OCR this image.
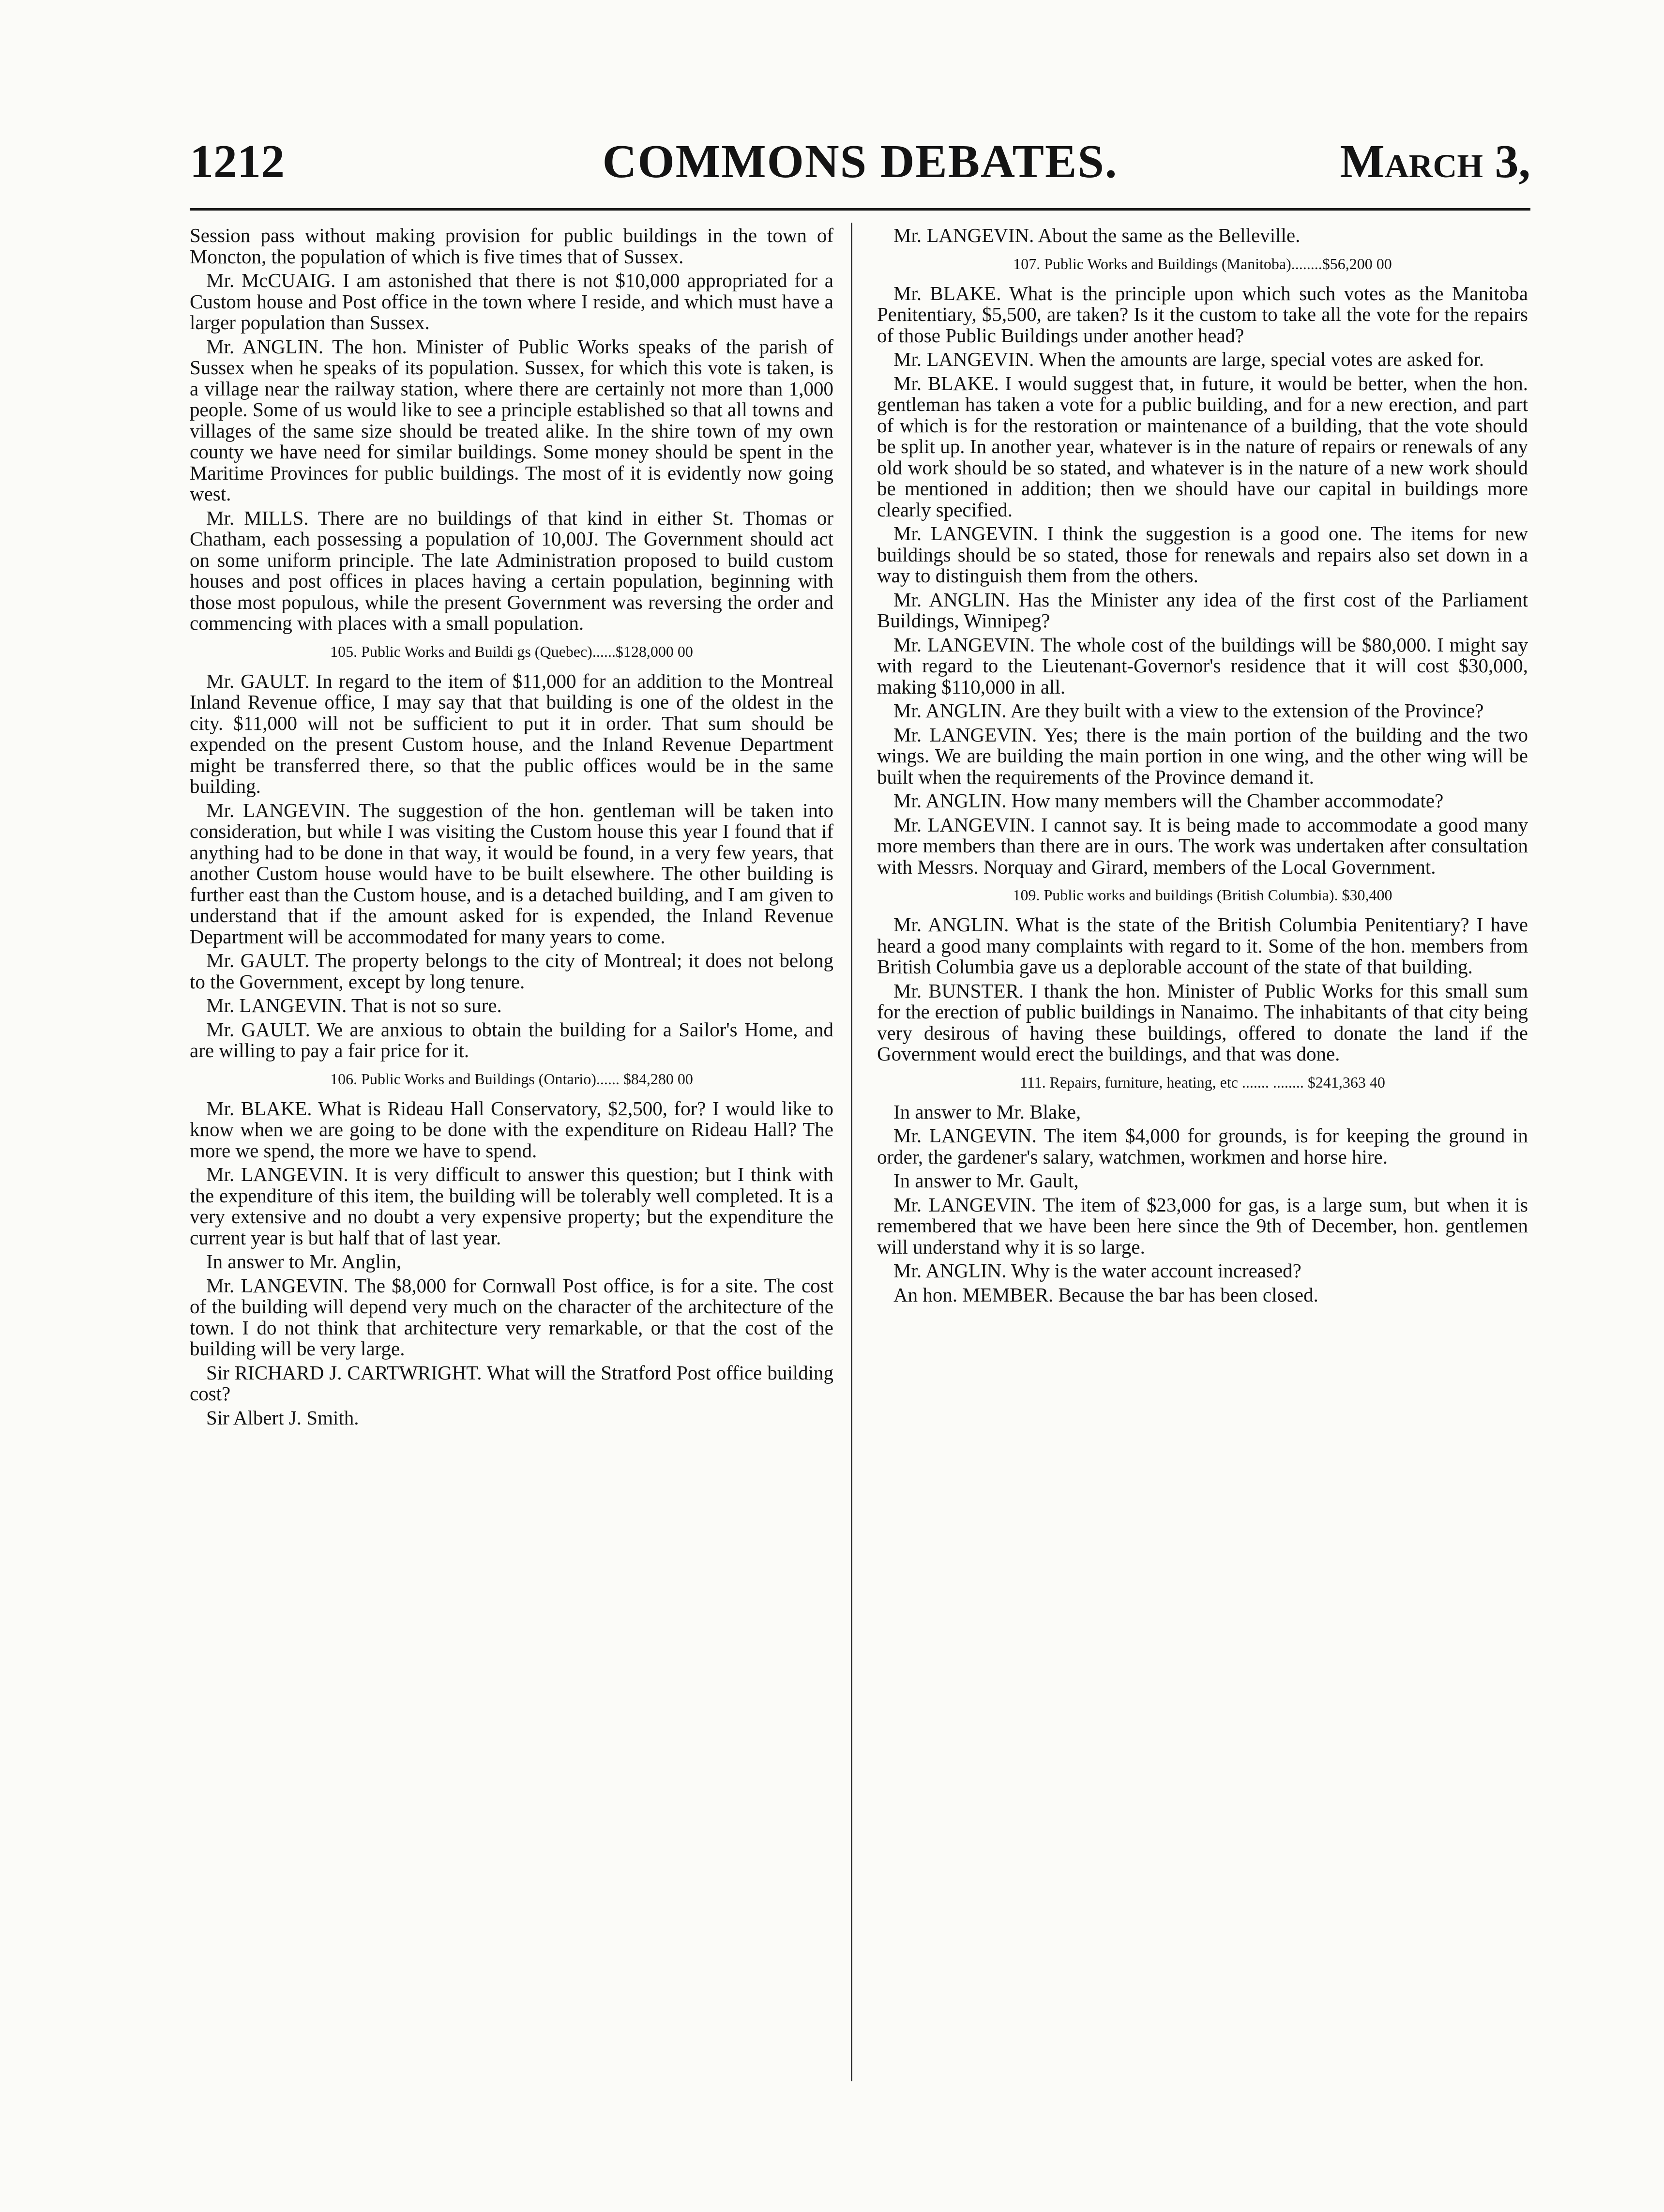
1212	COMMONS DEBATES.	March 3,
Session pass without making provision for public buildings in the town of Moncton, the population of which is five times that of Sussex.
Mr. McCUAIG. I am astonished that there is not $10,000 appropriated for a Custom house and Post office in the town where I reside, and which must have a larger population than Sussex.
Mr. ANGLIN. The hon. Minister of Public Works speaks of the parish of Sussex when he speaks of its population. Sussex, for which this vote is taken, is a village near the railway station, where there are certainly not more than 1,000 people. Some of us would like to see a principle established so that all towns and villages of the same size should be treated alike. In the shire town of my own county we have need for similar buildings. Some money should be spent in the Maritime Provinces for public buildings. The most of it is evidently now going west.
Mr. MILLS. There are no buildings of that kind in either St. Thomas or Chatham, each possessing a population of 10,00J. The Government should act on some uniform principle. The late Administration proposed to build custom houses and post offices in places having a certain population, beginning with those most populous, while the present Government was reversing the order and commencing with places with a small population.
105. Public Works and Buildi gs (Quebec)......$128,000 00
Mr. GAULT. In regard to the item of $11,000 for an addition to the Montreal Inland Revenue office, I may say that that building is one of the oldest in the city. $11,000 will not be sufficient to put it in order. That sum should be expended on the present Custom house, and the Inland Revenue Department might be transferred there, so that the public offices would be in the same building.
Mr. LANGEVIN. The suggestion of the hon. gentleman will be taken into consideration, but while I was visiting the Custom house this year I found that if anything had to be done in that way, it would be found, in a very few years, that another Custom house would have to be built elsewhere. The other building is further east than the Custom house, and is a detached building, and I am given to understand that if the amount asked for is expended, the Inland Revenue Department will be accommodated for many years to come.
Mr. GAULT. The property belongs to the city of Montreal; it does not belong to the Government, except by long tenure.
Mr. LANGEVIN. That is not so sure.
Mr. GAULT. We are anxious to obtain the building for a Sailor's Home, and are willing to pay a fair price for it.
106. Public Works and Buildings (Ontario)...... $84,280 00
Mr. BLAKE. What is Rideau Hall Conservatory, $2,500, for? I would like to know when we are going to be done with the expenditure on Rideau Hall? The more we spend, the more we have to spend.
Mr. LANGEVIN. It is very difficult to answer this question; but I think with the expenditure of this item, the building will be tolerably well completed. It is a very extensive and no doubt a very expensive property; but the expenditure the current year is but half that of last year.
In answer to Mr. Anglin,
Mr. LANGEVIN. The $8,000 for Cornwall Post office, is for a site. The cost of the building will depend very much on the character of the architecture of the town. I do not think that architecture very remarkable, or that the cost of the building will be very large.
Sir RICHARD J. CARTWRIGHT. What will the Stratford Post office building cost?
Sir Albert J. Smith.
Mr. LANGEVIN. About the same as the Belleville.
107. Public Works and Buildings (Manitoba)........$56,200 00
Mr. BLAKE. What is the principle upon which such votes as the Manitoba Penitentiary, $5,500, are taken? Is it the custom to take all the vote for the repairs of those Public Buildings under another head?
Mr. LANGEVIN. When the amounts are large, special votes are asked for.
Mr. BLAKE. I would suggest that, in future, it would be better, when the hon. gentleman has taken a vote for a public building, and for a new erection, and part of which is for the restoration or maintenance of a building, that the vote should be split up. In another year, whatever is in the nature of repairs or renewals of any old work should be so stated, and whatever is in the nature of a new work should be mentioned in addition; then we should have our capital in buildings more clearly specified.
Mr. LANGEVIN. I think the suggestion is a good one. The items for new buildings should be so stated, those for renewals and repairs also set down in a way to distinguish them from the others.
Mr. ANGLIN. Has the Minister any idea of the first cost of the Parliament Buildings, Winnipeg?
Mr. LANGEVIN. The whole cost of the buildings will be $80,000. I might say with regard to the Lieutenant-Governor's residence that it will cost $30,000, making $110,000 in all.
Mr. ANGLIN. Are they built with a view to the extension of the Province?
Mr. LANGEVIN. Yes; there is the main portion of the building and the two wings. We are building the main portion in one wing, and the other wing will be built when the requirements of the Province demand it.
Mr. ANGLIN. How many members will the Chamber accommodate?
Mr. LANGEVIN. I cannot say. It is being made to accommodate a good many more members than there are in ours. The work was undertaken after consultation with Messrs. Norquay and Girard, members of the Local Government.
109. Public works and buildings (British Columbia). $30,400
Mr. ANGLIN. What is the state of the British Columbia Penitentiary? I have heard a good many complaints with regard to it. Some of the hon. members from British Columbia gave us a deplorable account of the state of that building.
Mr. BUNSTER. I thank the hon. Minister of Public Works for this small sum for the erection of public buildings in Nanaimo. The inhabitants of that city being very desirous of having these buildings, offered to donate the land if the Government would erect the buildings, and that was done.
111. Repairs, furniture, heating, etc ....... ........ $241,363 40
In answer to Mr. Blake,
Mr. LANGEVIN. The item $4,000 for grounds, is for keeping the ground in order, the gardener's salary, watchmen, workmen and horse hire.
In answer to Mr. Gault,
Mr. LANGEVIN. The item of $23,000 for gas, is a large sum, but when it is remembered that we have been here since the 9th of December, hon. gentlemen will understand why it is so large.
Mr. ANGLIN. Why is the water account increased?
An hon. MEMBER. Because the bar has been closed.
